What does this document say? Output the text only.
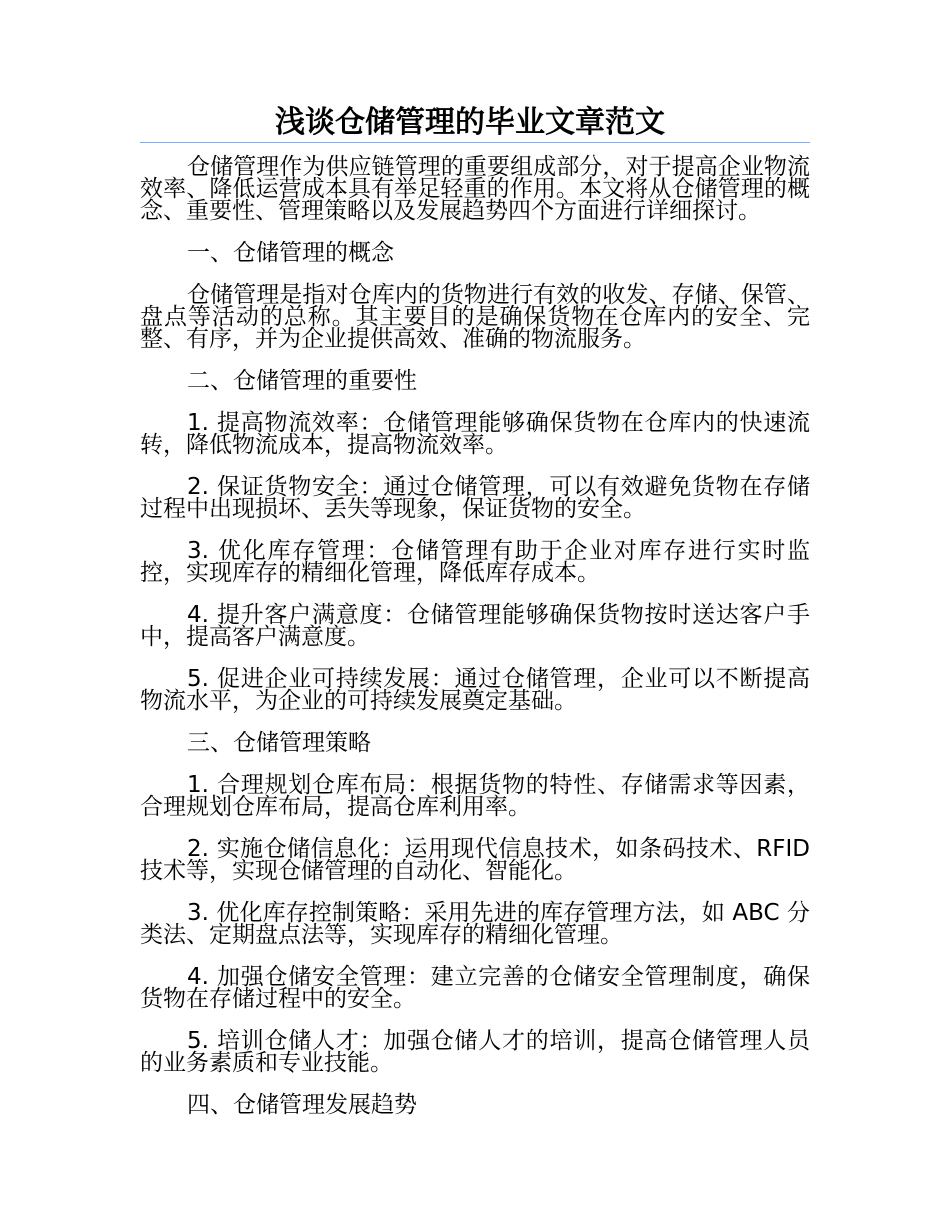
浅谈仓储管理的毕业文章范文

仓储管理作为供应链管理的重要组成部分，对于提高企业物流效率、降低运营成本具有举足轻重的作用。本文将从仓储管理的概念、重要性、管理策略以及发展趋势四个方面进行详细探讨。

一、仓储管理的概念

仓储管理是指对仓库内的货物进行有效的收发、存储、保管、盘点等活动的总称。其主要目的是确保货物在仓库内的安全、完整、有序，并为企业提供高效、准确的物流服务。

二、仓储管理的重要性

1. 提高物流效率：仓储管理能够确保货物在仓库内的快速流转，降低物流成本，提高物流效率。

2. 保证货物安全：通过仓储管理，可以有效避免货物在存储过程中出现损坏、丢失等现象，保证货物的安全。

3. 优化库存管理：仓储管理有助于企业对库存进行实时监控，实现库存的精细化管理，降低库存成本。

4. 提升客户满意度：仓储管理能够确保货物按时送达客户手中，提高客户满意度。

5. 促进企业可持续发展：通过仓储管理，企业可以不断提高物流水平，为企业的可持续发展奠定基础。

三、仓储管理策略

1. 合理规划仓库布局：根据货物的特性、存储需求等因素，合理规划仓库布局，提高仓库利用率。

2. 实施仓储信息化：运用现代信息技术，如条码技术、RFID 技术等，实现仓储管理的自动化、智能化。

3. 优化库存控制策略：采用先进的库存管理方法，如 ABC 分类法、定期盘点法等，实现库存的精细化管理。

4. 加强仓储安全管理：建立完善的仓储安全管理制度，确保货物在存储过程中的安全。

5. 培训仓储人才：加强仓储人才的培训，提高仓储管理人员的业务素质和专业技能。

四、仓储管理发展趋势
